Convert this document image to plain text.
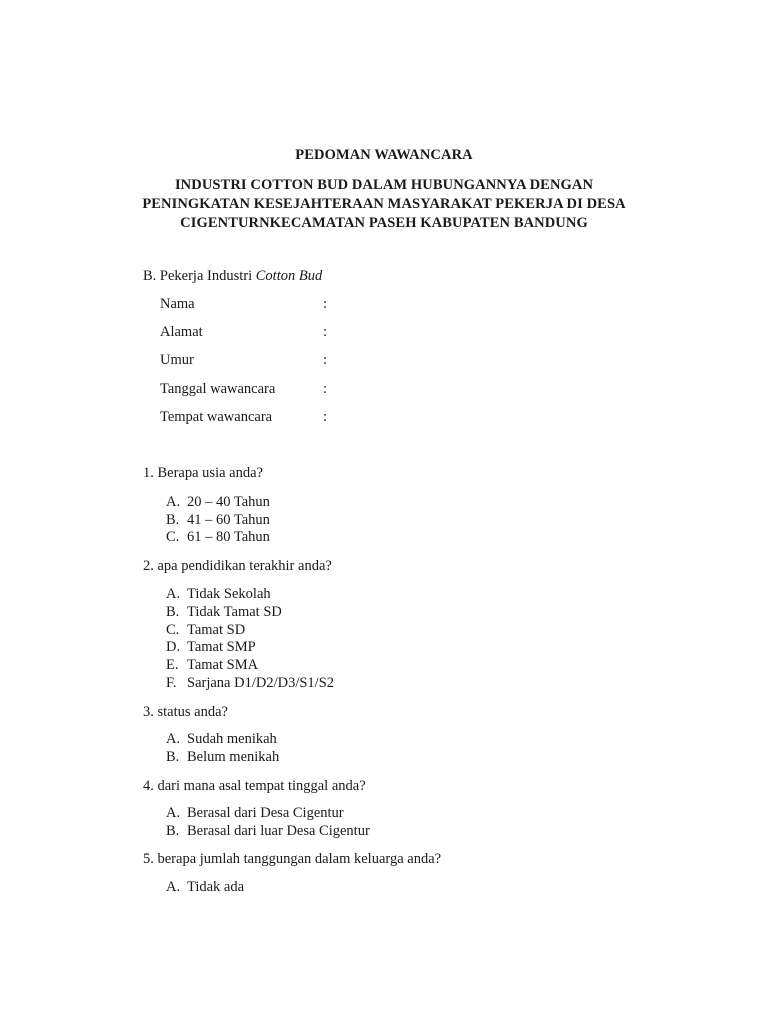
PEDOMAN WAWANCARA
INDUSTRI COTTON BUD DALAM HUBUNGANNYA DENGAN
PENINGKATAN KESEJAHTERAAN MASYARAKAT PEKERJA DI DESA
CIGENTURNKECAMATAN PASEH KABUPATEN BANDUNG
B. Pekerja Industri Cotton Bud
Nama	:
Alamat	:
Umur	:
Tanggal wawancara	:
Tempat wawancara	:
1. Berapa usia anda?
A. 20 – 40 Tahun
B. 41 – 60 Tahun
C. 61 – 80 Tahun
2. apa pendidikan terakhir anda?
A. Tidak Sekolah
B. Tidak Tamat SD
C. Tamat SD
D. Tamat SMP
E. Tamat SMA
F. Sarjana D1/D2/D3/S1/S2
3. status anda?
A. Sudah menikah
B. Belum menikah
4. dari mana asal tempat tinggal anda?
A. Berasal dari Desa Cigentur
B. Berasal dari luar Desa Cigentur
5. berapa jumlah tanggungan dalam keluarga anda?
A. Tidak ada
